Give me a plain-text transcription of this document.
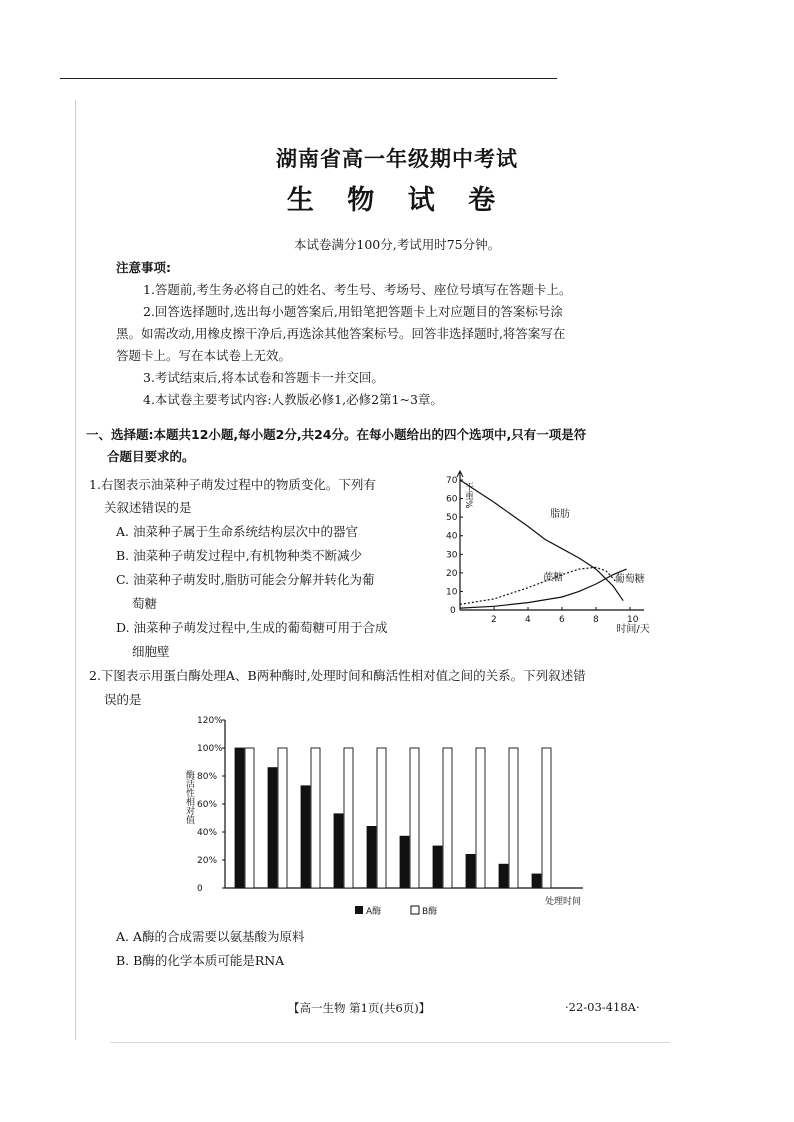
湖南省高一年级期中考试
生 物 试 卷
本试卷满分100分,考试用时75分钟。
注意事项:
1.答题前,考生务必将自己的姓名、考生号、考场号、座位号填写在答题卡上。
2.回答选择题时,选出每小题答案后,用铅笔把答题卡上对应题目的答案标号涂
黑。如需改动,用橡皮擦干净后,再选涂其他答案标号。回答非选择题时,将答案写在
答题卡上。写在本试卷上无效。
3.考试结束后,将本试卷和答题卡一并交回。
4.本试卷主要考试内容:人教版必修1,必修2第1~3章。
一、选择题:本题共12小题,每小题2分,共24分。在每小题给出的四个选项中,只有一项是符
合题目要求的。
1.右图表示油菜种子萌发过程中的物质变化。下列有
关叙述错误的是
A. 油菜种子属于生命系统结构层次中的器官
B. 油菜种子萌发过程中,有机物种类不断减少
C. 油菜种子萌发时,脂肪可能会分解并转化为葡
萄糖
D. 油菜种子萌发过程中,生成的葡萄糖可用于合成
细胞壁
2	4	6	8	10
10
20
30
40
50
60
70
0
干重%
时间/天
脂肪
蔗糖	葡萄糖
2.下图表示用蛋白酶处理A、B两种酶时,处理时间和酶活性相对值之间的关系。下列叙述错
误的是
0
20%
40%
60%
80%
100%
120%
酶活性相对值
处理时间
A酶	B酶
A. A酶的合成需要以氨基酸为原料
B. B酶的化学本质可能是RNA
【高一生物 第1页(共6页)】	·22-03-418A·
